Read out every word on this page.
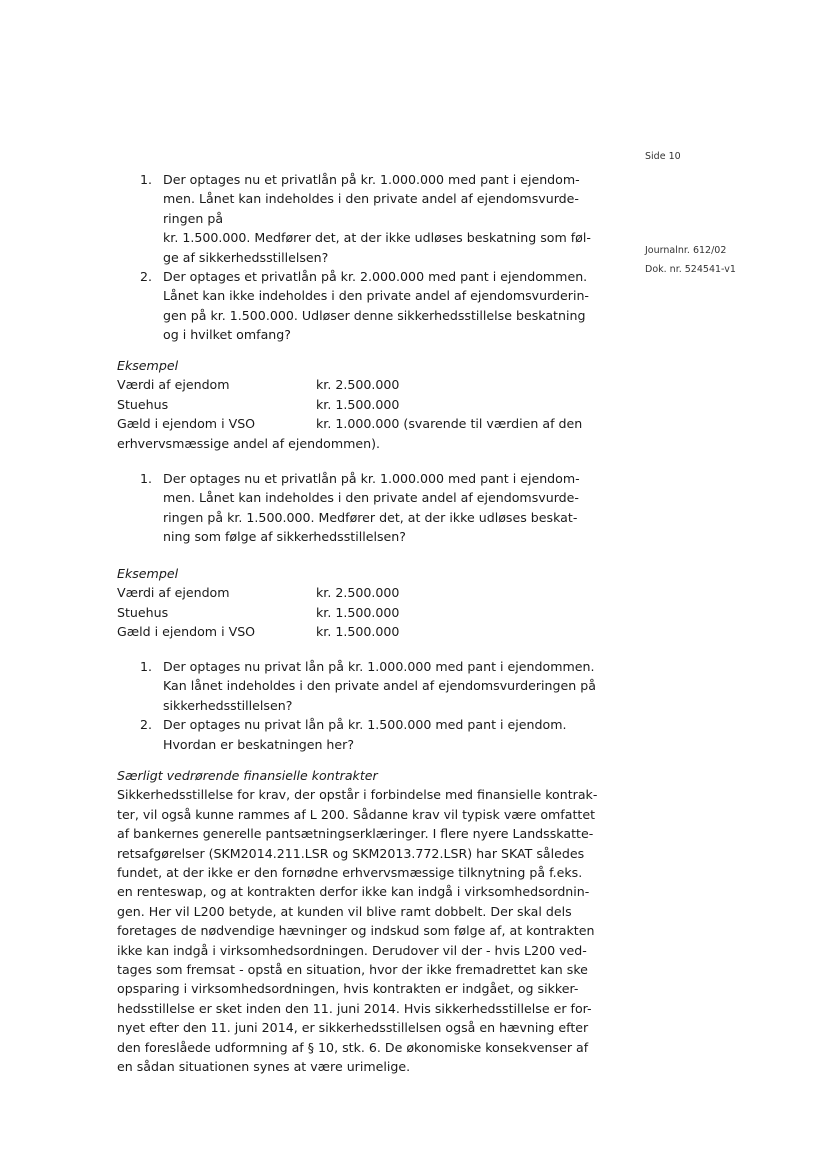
Side 10
Journalnr. 612/02
Dok. nr. 524541-v1
1. Der optages nu et privatlån på kr. 1.000.000 med pant i ejendom-
men. Lånet kan indeholdes i den private andel af ejendomsvurde-
ringen på
kr. 1.500.000. Medfører det, at der ikke udløses beskatning som føl-
ge af sikkerhedsstillelsen?
2. Der optages et privatlån på kr. 2.000.000 med pant i ejendommen.
Lånet kan ikke indeholdes i den private andel af ejendomsvurderin-
gen på kr. 1.500.000. Udløser denne sikkerhedsstillelse beskatning
og i hvilket omfang?
Eksempel
Værdi af ejendom	kr. 2.500.000
Stuehus	kr. 1.500.000
Gæld i ejendom i VSO	kr. 1.000.000 (svarende til værdien af den
erhvervsmæssige andel af ejendommen).
1. Der optages nu et privatlån på kr. 1.000.000 med pant i ejendom-
men. Lånet kan indeholdes i den private andel af ejendomsvurde-
ringen på kr. 1.500.000. Medfører det, at der ikke udløses beskat-
ning som følge af sikkerhedsstillelsen?
Eksempel
Værdi af ejendom	kr. 2.500.000
Stuehus	kr. 1.500.000
Gæld i ejendom i VSO	kr. 1.500.000
1. Der optages nu privat lån på kr. 1.000.000 med pant i ejendommen.
Kan lånet indeholdes i den private andel af ejendomsvurderingen på
sikkerhedsstillelsen?
2. Der optages nu privat lån på kr. 1.500.000 med pant i ejendom.
Hvordan er beskatningen her?
Særligt vedrørende finansielle kontrakter
Sikkerhedsstillelse for krav, der opstår i forbindelse med finansielle kontrak-
ter, vil også kunne rammes af L 200. Sådanne krav vil typisk være omfattet
af bankernes generelle pantsætningserklæringer. I flere nyere Landsskatte-
retsafgørelser (SKM2014.211.LSR og SKM2013.772.LSR) har SKAT således
fundet, at der ikke er den fornødne erhvervsmæssige tilknytning på f.eks.
en renteswap, og at kontrakten derfor ikke kan indgå i virksomhedsordnin-
gen. Her vil L200 betyde, at kunden vil blive ramt dobbelt. Der skal dels
foretages de nødvendige hævninger og indskud som følge af, at kontrakten
ikke kan indgå i virksomhedsordningen. Derudover vil der - hvis L200 ved-
tages som fremsat - opstå en situation, hvor der ikke fremadrettet kan ske
opsparing i virksomhedsordningen, hvis kontrakten er indgået, og sikker-
hedsstillelse er sket inden den 11. juni 2014. Hvis sikkerhedsstillelse er for-
nyet efter den 11. juni 2014, er sikkerhedsstillelsen også en hævning efter
den foreslåede udformning af § 10, stk. 6. De økonomiske konsekvenser af
en sådan situationen synes at være urimelige.
